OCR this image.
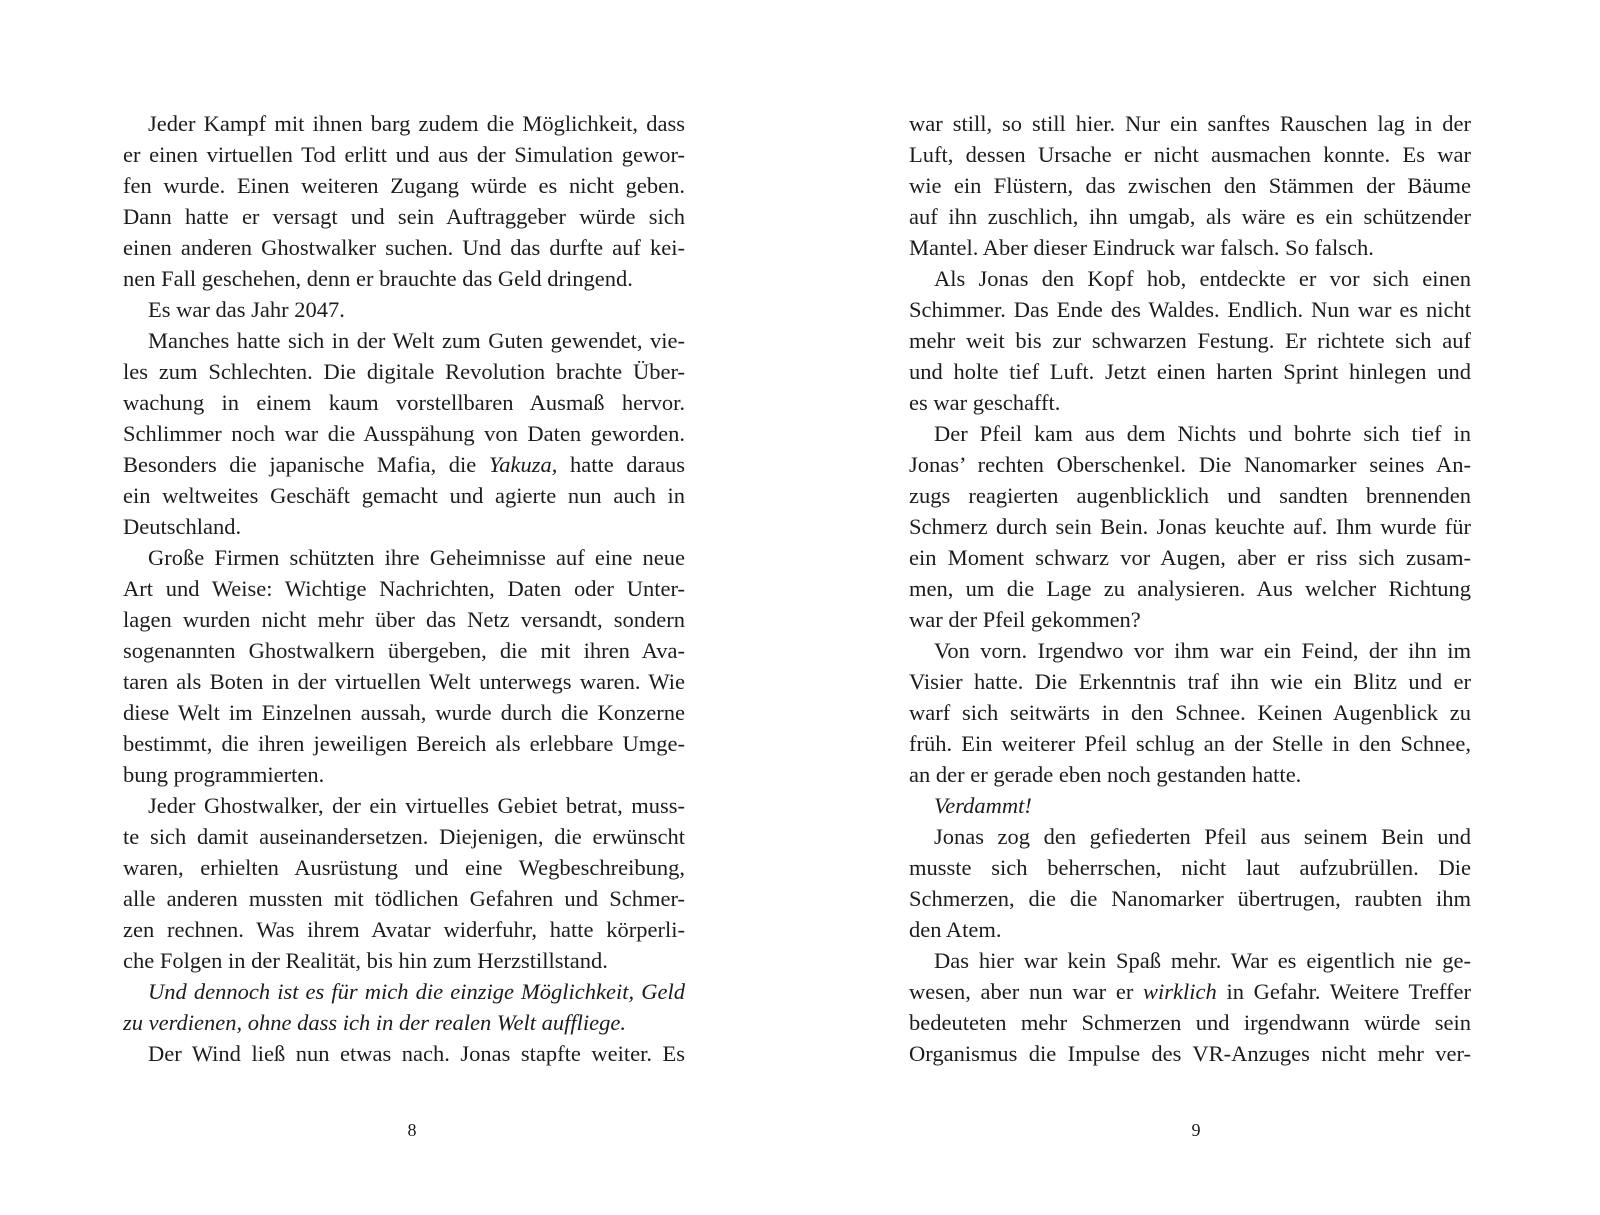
Jeder Kampf mit ihnen barg zudem die Möglichkeit, dass
er einen virtuellen Tod erlitt und aus der Simulation gewor-
fen wurde. Einen weiteren Zugang würde es nicht geben.
Dann hatte er versagt und sein Auftraggeber würde sich
einen anderen Ghostwalker suchen. Und das durfte auf kei-
nen Fall geschehen, denn er brauchte das Geld dringend.
Es war das Jahr 2047.
Manches hatte sich in der Welt zum Guten gewendet, vie-
les zum Schlechten. Die digitale Revolution brachte Über-
wachung in einem kaum vorstellbaren Ausmaß hervor.
Schlimmer noch war die Ausspähung von Daten geworden.
Besonders die japanische Mafia, die Yakuza, hatte daraus
ein weltweites Geschäft gemacht und agierte nun auch in
Deutschland.
Große Firmen schützten ihre Geheimnisse auf eine neue
Art und Weise: Wichtige Nachrichten, Daten oder Unter-
lagen wurden nicht mehr über das Netz versandt, sondern
sogenannten Ghostwalkern übergeben, die mit ihren Ava-
taren als Boten in der virtuellen Welt unterwegs waren. Wie
diese Welt im Einzelnen aussah, wurde durch die Konzerne
bestimmt, die ihren jeweiligen Bereich als erlebbare Umge-
bung programmierten.
Jeder Ghostwalker, der ein virtuelles Gebiet betrat, muss-
te sich damit auseinandersetzen. Diejenigen, die erwünscht
waren, erhielten Ausrüstung und eine Wegbeschreibung,
alle anderen mussten mit tödlichen Gefahren und Schmer-
zen rechnen. Was ihrem Avatar widerfuhr, hatte körperli-
che Folgen in der Realität, bis hin zum Herzstillstand.
Und dennoch ist es für mich die einzige Möglichkeit, Geld
zu verdienen, ohne dass ich in der realen Welt auffliege.
Der Wind ließ nun etwas nach. Jonas stapfte weiter. Es
war still, so still hier. Nur ein sanftes Rauschen lag in der
Luft, dessen Ursache er nicht ausmachen konnte. Es war
wie ein Flüstern, das zwischen den Stämmen der Bäume
auf ihn zuschlich, ihn umgab, als wäre es ein schützender
Mantel. Aber dieser Eindruck war falsch. So falsch.
Als Jonas den Kopf hob, entdeckte er vor sich einen
Schimmer. Das Ende des Waldes. Endlich. Nun war es nicht
mehr weit bis zur schwarzen Festung. Er richtete sich auf
und holte tief Luft. Jetzt einen harten Sprint hinlegen und
es war geschafft.
Der Pfeil kam aus dem Nichts und bohrte sich tief in
Jonas’ rechten Oberschenkel. Die Nanomarker seines An-
zugs reagierten augenblicklich und sandten brennenden
Schmerz durch sein Bein. Jonas keuchte auf. Ihm wurde für
ein Moment schwarz vor Augen, aber er riss sich zusam-
men, um die Lage zu analysieren. Aus welcher Richtung
war der Pfeil gekommen?
Von vorn. Irgendwo vor ihm war ein Feind, der ihn im
Visier hatte. Die Erkenntnis traf ihn wie ein Blitz und er
warf sich seitwärts in den Schnee. Keinen Augenblick zu
früh. Ein weiterer Pfeil schlug an der Stelle in den Schnee,
an der er gerade eben noch gestanden hatte.
Verdammt!
Jonas zog den gefiederten Pfeil aus seinem Bein und
musste sich beherrschen, nicht laut aufzubrüllen. Die
Schmerzen, die die Nanomarker übertrugen, raubten ihm
den Atem.
Das hier war kein Spaß mehr. War es eigentlich nie ge-
wesen, aber nun war er wirklich in Gefahr. Weitere Treffer
bedeuteten mehr Schmerzen und irgendwann würde sein
Organismus die Impulse des VR-Anzuges nicht mehr ver-
8	9
